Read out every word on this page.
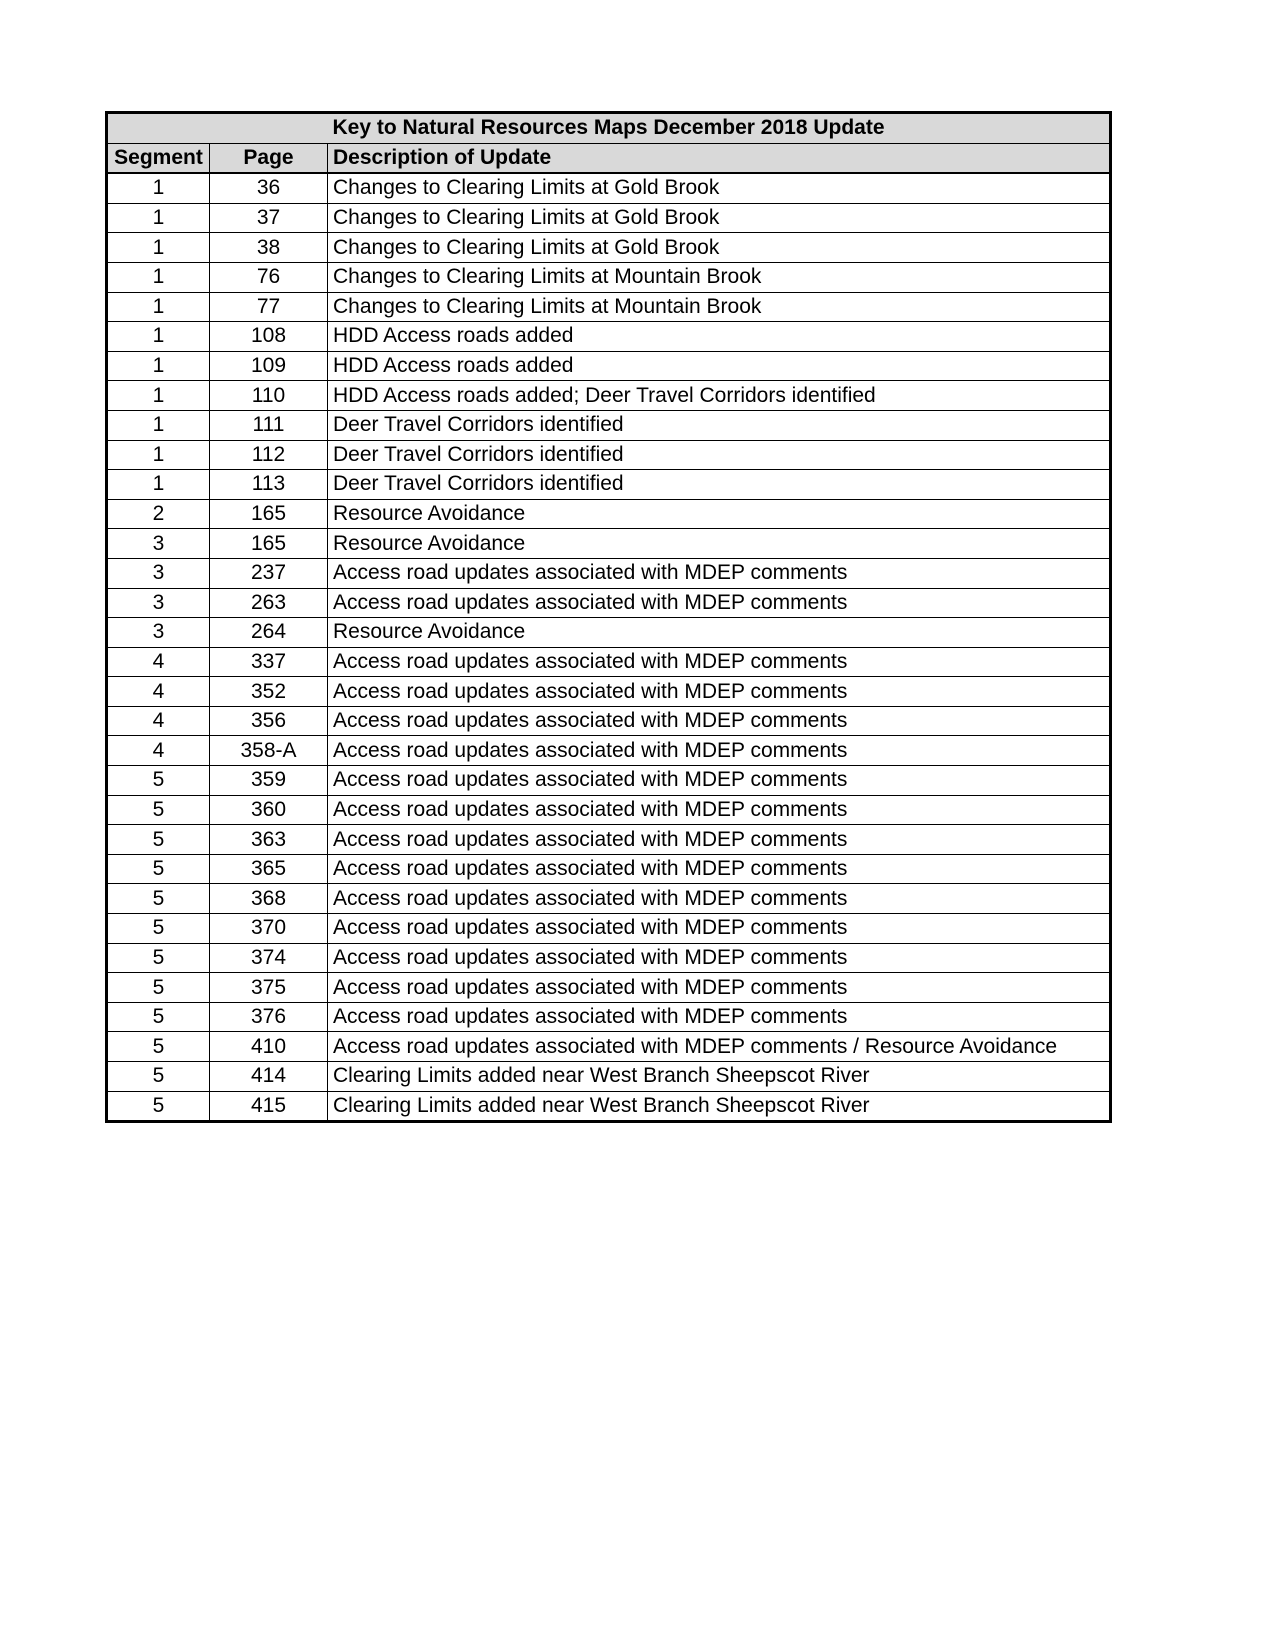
Key to Natural Resources Maps December 2018 Update		
Segment	Page	Description of Update
1	36	Changes to Clearing Limits at Gold Brook
1	37	Changes to Clearing Limits at Gold Brook
1	38	Changes to Clearing Limits at Gold Brook
1	76	Changes to Clearing Limits at Mountain Brook
1	77	Changes to Clearing Limits at Mountain Brook
1	108	HDD Access roads added
1	109	HDD Access roads added
1	110	HDD Access roads added; Deer Travel Corridors identified
1	111	Deer Travel Corridors identified
1	112	Deer Travel Corridors identified
1	113	Deer Travel Corridors identified
2	165	Resource Avoidance
3	165	Resource Avoidance
3	237	Access road updates associated with MDEP comments
3	263	Access road updates associated with MDEP comments
3	264	Resource Avoidance
4	337	Access road updates associated with MDEP comments
4	352	Access road updates associated with MDEP comments
4	356	Access road updates associated with MDEP comments
4	358-A	Access road updates associated with MDEP comments
5	359	Access road updates associated with MDEP comments
5	360	Access road updates associated with MDEP comments
5	363	Access road updates associated with MDEP comments
5	365	Access road updates associated with MDEP comments
5	368	Access road updates associated with MDEP comments
5	370	Access road updates associated with MDEP comments
5	374	Access road updates associated with MDEP comments
5	375	Access road updates associated with MDEP comments
5	376	Access road updates associated with MDEP comments
5	410	Access road updates associated with MDEP comments / Resource Avoidance
5	414	Clearing Limits added near West Branch Sheepscot River
5	415	Clearing Limits added near West Branch Sheepscot River
